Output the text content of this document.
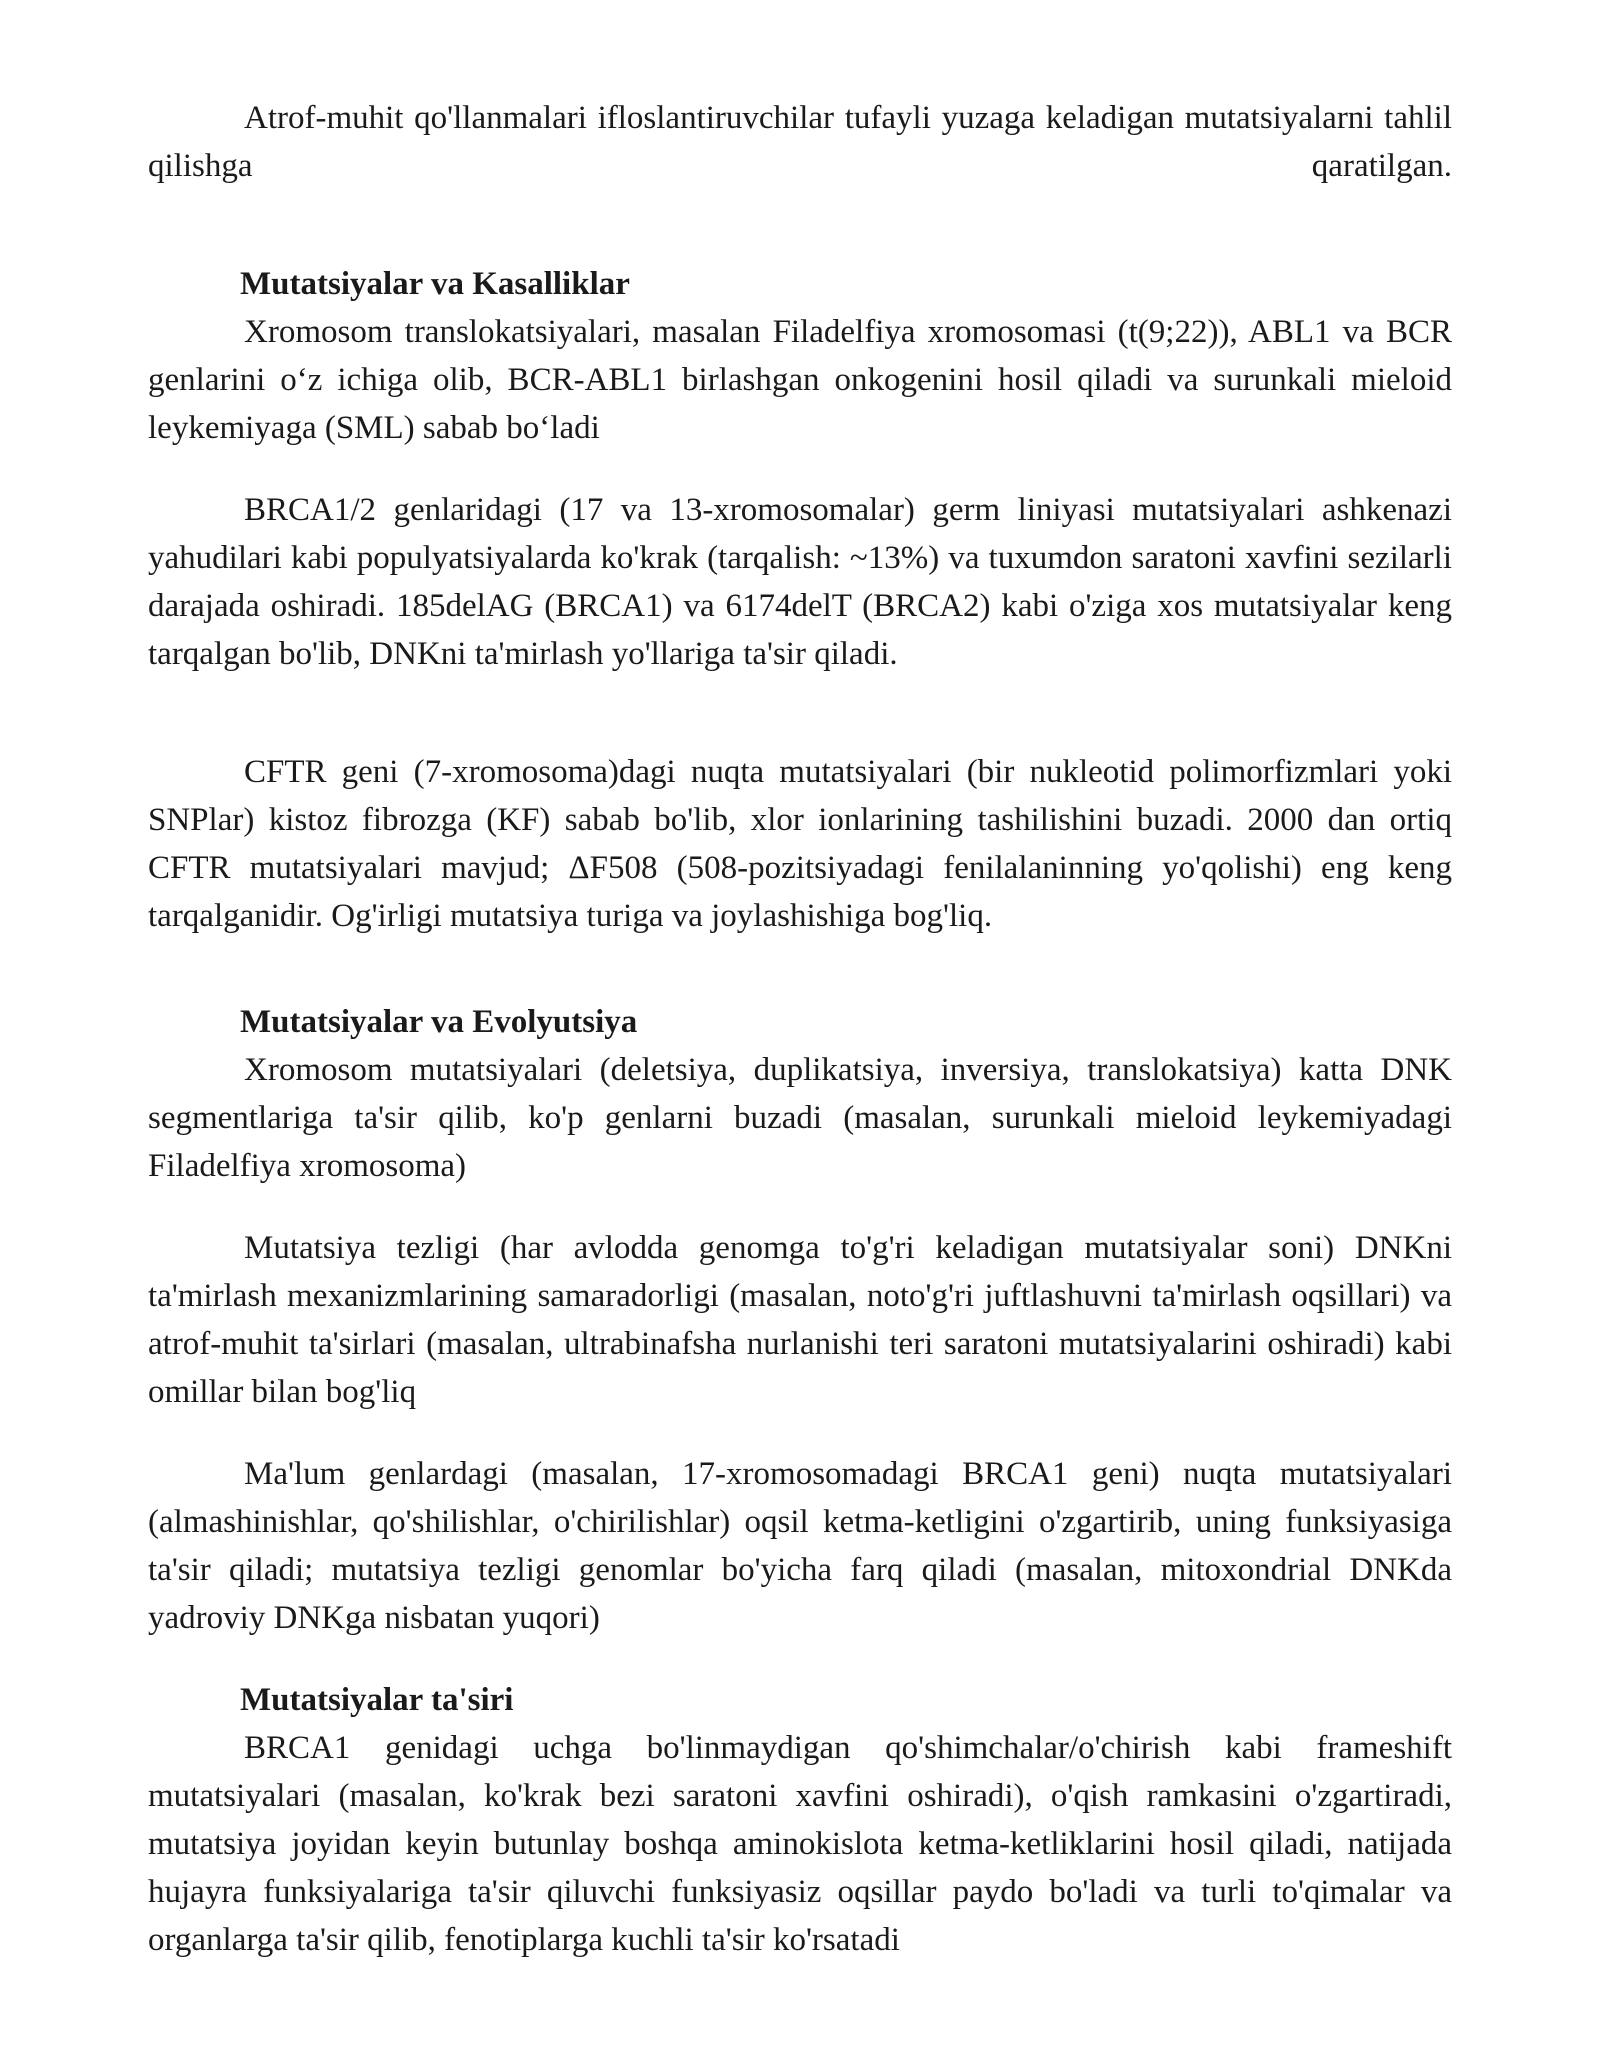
Atrof-muhit qo'llanmalari ifloslantiruvchilar tufayli yuzaga keladigan mutatsiyalarni tahlil qilishga qaratilgan.

Mutatsiyalar va Kasalliklar

Xromosom translokatsiyalari, masalan Filadelfiya xromosomasi (t(9;22)), ABL1 va BCR genlarini o‘z ichiga olib, BCR-ABL1 birlashgan onkogenini hosil qiladi va surunkali mieloid leykemiyaga (SML) sabab bo‘ladi

BRCA1/2 genlaridagi (17 va 13-xromosomalar) germ liniyasi mutatsiyalari ashkenazi yahudilari kabi populyatsiyalarda ko'krak (tarqalish: ~13%) va tuxumdon saratoni xavfini sezilarli darajada oshiradi. 185delAG (BRCA1) va 6174delT (BRCA2) kabi o'ziga xos mutatsiyalar keng tarqalgan bo'lib, DNKni ta'mirlash yo'llariga ta'sir qiladi.

CFTR geni (7-xromosoma)dagi nuqta mutatsiyalari (bir nukleotid polimorfizmlari yoki SNPlar) kistoz fibrozga (KF) sabab bo'lib, xlor ionlarining tashilishini buzadi. 2000 dan ortiq CFTR mutatsiyalari mavjud; ΔF508 (508-pozitsiyadagi fenilalaninning yo'qolishi) eng keng tarqalganidir. Og'irligi mutatsiya turiga va joylashishiga bog'liq.

Mutatsiyalar va Evolyutsiya

Xromosom mutatsiyalari (deletsiya, duplikatsiya, inversiya, translokatsiya) katta DNK segmentlariga ta'sir qilib, ko'p genlarni buzadi (masalan, surunkali mieloid leykemiyadagi Filadelfiya xromosoma)

Mutatsiya tezligi (har avlodda genomga to'g'ri keladigan mutatsiyalar soni) DNKni ta'mirlash mexanizmlarining samaradorligi (masalan, noto'g'ri juftlashuvni ta'mirlash oqsillari) va atrof-muhit ta'sirlari (masalan, ultrabinafsha nurlanishi teri saratoni mutatsiyalarini oshiradi) kabi omillar bilan bog'liq

Ma'lum genlardagi (masalan, 17-xromosomadagi BRCA1 geni) nuqta mutatsiyalari (almashinishlar, qo'shilishlar, o'chirilishlar) oqsil ketma-ketligini o'zgartirib, uning funksiyasiga ta'sir qiladi; mutatsiya tezligi genomlar bo'yicha farq qiladi (masalan, mitoxondrial DNKda yadroviy DNKga nisbatan yuqori)

Mutatsiyalar ta'siri

BRCA1 genidagi uchga bo'linmaydigan qo'shimchalar/o'chirish kabi frameshift mutatsiyalari (masalan, ko'krak bezi saratoni xavfini oshiradi), o'qish ramkasini o'zgartiradi, mutatsiya joyidan keyin butunlay boshqa aminokislota ketma-ketliklarini hosil qiladi, natijada hujayra funksiyalariga ta'sir qiluvchi funksiyasiz oqsillar paydo bo'ladi va turli to'qimalar va organlarga ta'sir qilib, fenotiplarga kuchli ta'sir ko'rsatadi
